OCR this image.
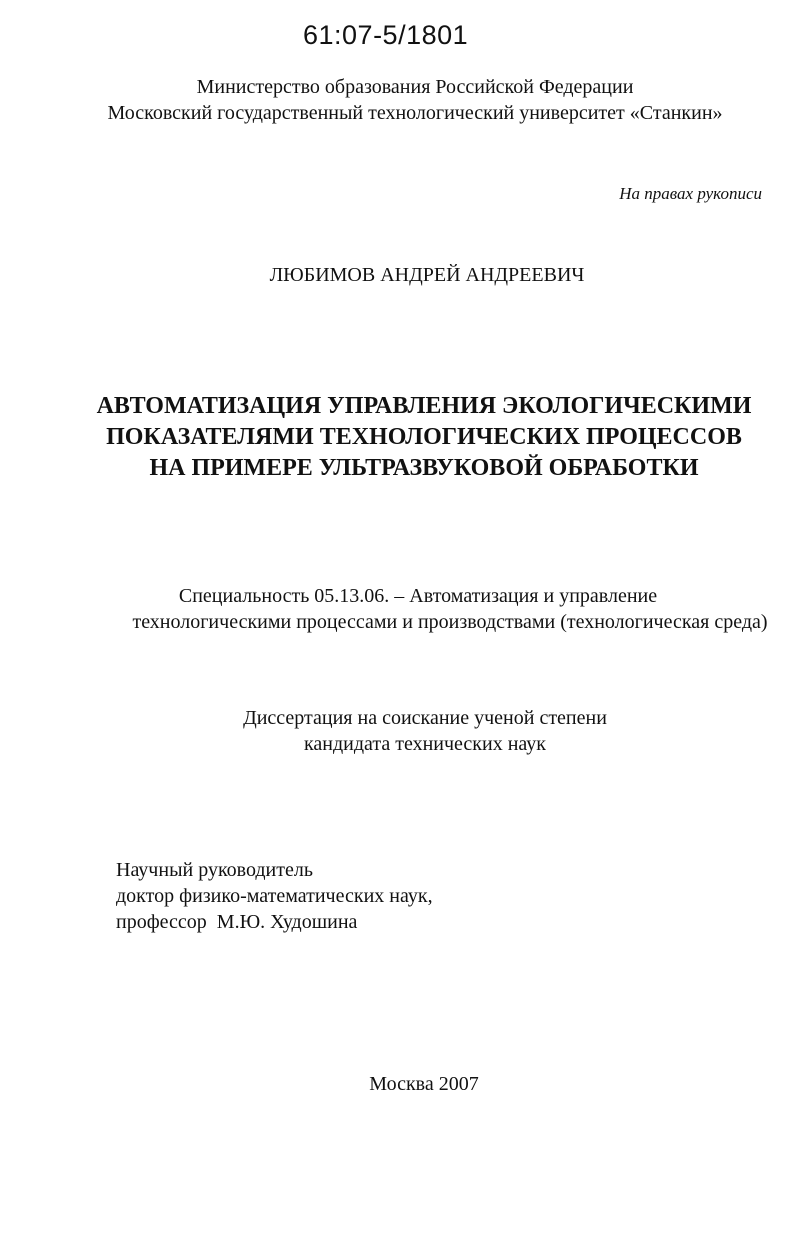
61:07-5/1801
Министерство образования Российской Федерации
Московский государственный технологический университет «Станкин»
На правах рукописи
ЛЮБИМОВ АНДРЕЙ АНДРЕЕВИЧ
АВТОМАТИЗАЦИЯ УПРАВЛЕНИЯ ЭКОЛОГИЧЕСКИМИ
ПОКАЗАТЕЛЯМИ ТЕХНОЛОГИЧЕСКИХ ПРОЦЕССОВ
НА ПРИМЕРЕ УЛЬТРАЗВУКОВОЙ ОБРАБОТКИ
Специальность 05.13.06. – Автоматизация и управление
технологическими процессами и производствами (технологическая среда)
Диссертация на соискание ученой степени
кандидата технических наук
Научный руководитель
доктор физико-математических наук,
профессор  М.Ю. Худошина
Москва 2007
